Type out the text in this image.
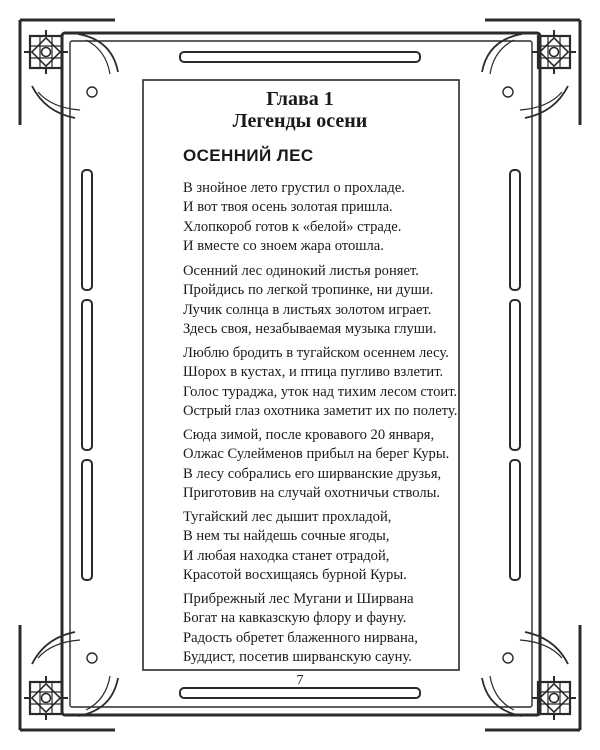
Глава 1
Легенды осени
ОСЕННИЙ ЛЕС
В знойное лето грустил о прохладе.
И вот твоя осень золотая пришла.
Хлопкороб готов к «белой» страде.
И вместе со зноем жара отошла.
Осенний лес одинокий листья роняет.
Пройдись по легкой тропинке, ни души.
Лучик солнца в листьях золотом играет.
Здесь своя, незабываемая музыка глуши.
Люблю бродить в тугайском осеннем лесу.
Шорох в кустах, и птица пугливо взлетит.
Голос тураджа, уток над тихим лесом стоит.
Острый глаз охотника заметит их по полету.
Сюда зимой, после кровавого 20 января,
Олжас Сулейменов прибыл на берег Куры.
В лесу собрались его ширванские друзья,
Приготовив на случай охотничьи стволы.
Тугайский лес дышит прохладой,
В нем ты найдешь сочные ягоды,
И любая находка станет отрадой,
Красотой восхищаясь бурной Куры.
Прибрежный лес Мугани и Ширвана
Богат на кавказскую флору и фауну.
Радость обретет блаженного нирвана,
Буддист, посетив ширванскую сауну.
7
